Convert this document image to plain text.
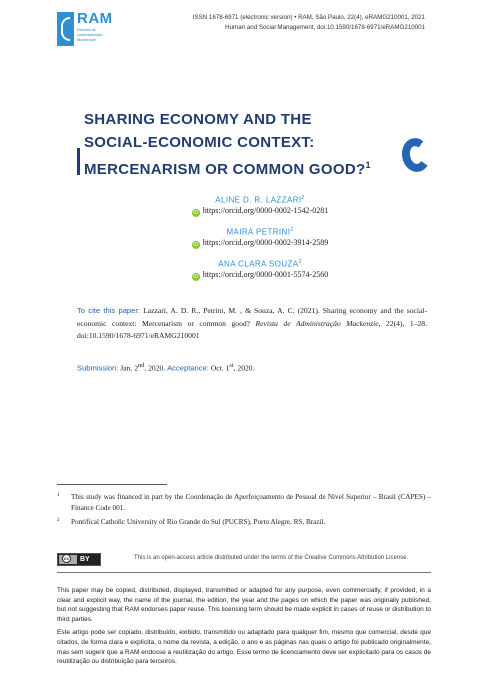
RAM
Revista de Administração Mackenzie
ISSN 1678-6971 (electronic version) • RAM, São Paulo, 22(4), eRAMG210001, 2021
Human and Social Management, doi:10.1590/1678-6971/eRAMG210001
SHARING ECONOMY AND THE
SOCIAL-ECONOMIC CONTEXT:
MERCENARISM OR COMMON GOOD?$^1$
ALINE D. R. LAZZARI$^2$
iD https://orcid.org/0000-0002-1542-0281
MAIRA PETRINI$^2$
iD https://orcid.org/0000-0002-3914-2589
ANA CLARA SOUZA$^2$
iD https://orcid.org/0000-0001-5574-2560
To cite this paper: Lazzari, A. D. R., Petrini, M. , & Souza, A. C. (2021). Sharing economy and the social-economic context: Mercenarism or common good? Revista de Administração Mackenzie, 22(4), 1–28. doi:10.1590/1678-6971/eRAMG210001
Submission: Jan. 2nd, 2020. Acceptance: Oct. 1st, 2020.
1 This study was financed in part by the Coordenação de Aperfeiçoamento de Pessoal de Nível Superior – Brasil (CAPES) – Finance Code 001.
2 Pontifical Catholic University of Rio Grande do Sul (PUCRS), Porto Alegre, RS, Brazil.
cc BY	This is an open-access article distributed under the terms of the Creative Commons Attribution License.

This paper may be copied, distributed, displayed, transmitted or adapted for any purpose, even commercially, if provided, in a clear and explicit way, the name of the journal, the edition, the year and the pages on which the paper was originally published, but not suggesting that RAM endorses paper reuse. This licensing term should be made explicit in cases of reuse or distribution to third parties.

Este artigo pode ser copiado, distribuído, exibido, transmitido ou adaptado para qualquer fim, mesmo que comercial, desde que citados, de forma clara e explícita, o nome da revista, a edição, o ano e as páginas nas quais o artigo foi publicado originalmente, mas sem sugerir que a RAM endosse a reutilização do artigo. Esse termo de licenciamento deve ser explicitado para os casos de reutilização ou distribuição para terceiros.
